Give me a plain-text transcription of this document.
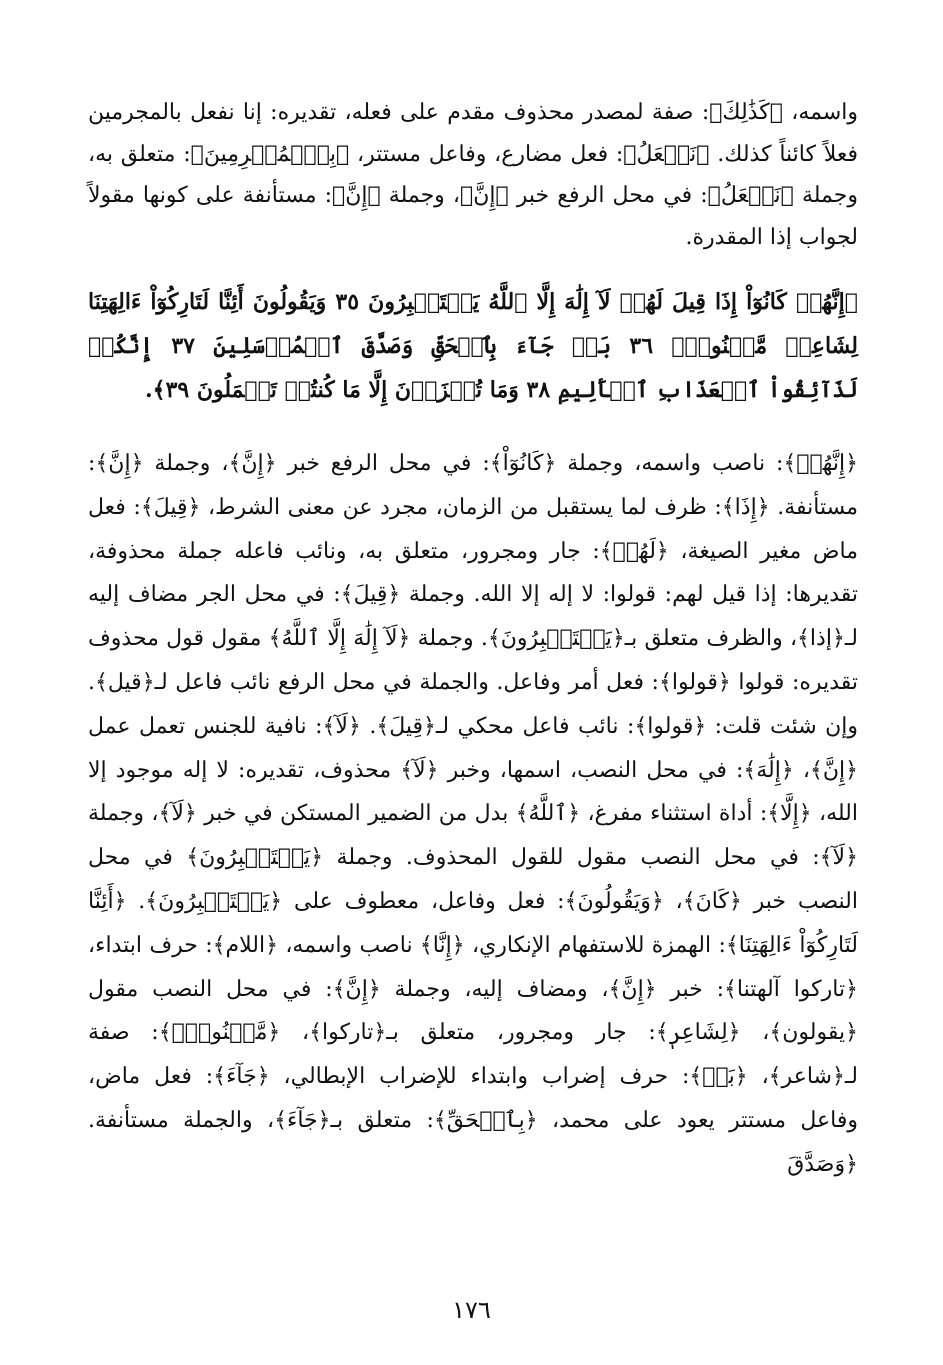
واسمه، ﴿كَذَٰلِكَ﴾: صفة لمصدر محذوف مقدم على فعله، تقديره: إنا نفعل بالمجرمين فعلاً كائناً كذلك. ﴿نَفۡعَلُ﴾: فعل مضارع، وفاعل مستتر، ﴿بِٱلۡمُجۡرِمِينَ﴾: متعلق به، وجملة ﴿نَفۡعَلُ﴾: في محل الرفع خبر ﴿إِنَّ﴾، وجملة ﴿إِنَّ﴾: مستأنفة على كونها مقولاً لجواب إذا المقدرة.

﴿إِنَّهُمۡ كَانُوٓاْ إِذَا قِيلَ لَهُمۡ لَآ إِلَٰهَ إِلَّا ٱللَّهُ يَسۡتَكۡبِرُونَ ٣٥ وَيَقُولُونَ أَئِنَّا لَتَارِكُوٓاْ ءَالِهَتِنَا لِشَاعِرٖ مَّجۡنُونِۭ ٣٦ بَلۡ جَآءَ بِٱلۡحَقِّ وَصَدَّقَ ٱلۡمُرۡسَلِينَ ٣٧ إِنَّكُمۡ لَذَآئِقُواْ ٱلۡعَذَابِ ٱلۡأَلِيمِ ٣٨ وَمَا تُجۡزَوۡنَ إِلَّا مَا كُنتُمۡ تَعۡمَلُونَ ٣٩﴾.

﴿إِنَّهُمۡ﴾: ناصب واسمه، وجملة ﴿كَانُوٓاْ﴾: في محل الرفع خبر ﴿إِنَّ﴾، وجملة ﴿إِنَّ﴾: مستأنفة. ﴿إِذَا﴾: ظرف لما يستقبل من الزمان، مجرد عن معنى الشرط، ﴿قِيلَ﴾: فعل ماض مغير الصيغة، ﴿لَهُمۡ﴾: جار ومجرور، متعلق به، ونائب فاعله جملة محذوفة، تقديرها: إذا قيل لهم: قولوا: لا إله إلا الله. وجملة ﴿قِيلَ﴾: في محل الجر مضاف إليه لـ﴿إذا﴾، والظرف متعلق بـ﴿يَسۡتَكۡبِرُونَ﴾. وجملة ﴿لَآ إِلَٰهَ إِلَّا ٱللَّهُ﴾ مقول قول محذوف تقديره: قولوا ﴿قولوا﴾: فعل أمر وفاعل. والجملة في محل الرفع نائب فاعل لـ﴿قيل﴾. وإن شئت قلت: ﴿قولوا﴾: نائب فاعل محكي لـ﴿قِيلَ﴾. ﴿لَآ﴾: نافية للجنس تعمل عمل ﴿إِنَّ﴾، ﴿إِلَٰهَ﴾: في محل النصب، اسمها، وخبر ﴿لَآ﴾ محذوف، تقديره: لا إله موجود إلا الله، ﴿إِلَّا﴾: أداة استثناء مفرغ، ﴿ٱللَّهُ﴾ بدل من الضمير المستكن في خبر ﴿لَآ﴾، وجملة ﴿لَآ﴾: في محل النصب مقول للقول المحذوف. وجملة ﴿يَسۡتَكۡبِرُونَ﴾ في محل النصب خبر ﴿كَانَ﴾، ﴿وَيَقُولُونَ﴾: فعل وفاعل، معطوف على ﴿يَسۡتَكۡبِرُونَ﴾. ﴿أَئِنَّا لَتَارِكُوٓاْ ءَالِهَتِنَا﴾: الهمزة للاستفهام الإنكاري، ﴿إِنَّا﴾ ناصب واسمه، ﴿اللام﴾: حرف ابتداء، ﴿تاركوا آلهتنا﴾: خبر ﴿إِنَّ﴾، ومضاف إليه، وجملة ﴿إِنَّ﴾: في محل النصب مقول ﴿يقولون﴾، ﴿لِشَاعِرٖ﴾: جار ومجرور، متعلق بـ﴿تاركوا﴾، ﴿مَّجۡنُونِۭ﴾: صفة لـ﴿شاعر﴾، ﴿بَلۡ﴾: حرف إضراب وابتداء للإضراب الإبطالي، ﴿جَآءَ﴾: فعل ماض، وفاعل مستتر يعود على محمد، ﴿بِٱلۡحَقِّ﴾: متعلق بـ﴿جَآءَ﴾، والجملة مستأنفة. ﴿وَصَدَّقَ

١٧٦
